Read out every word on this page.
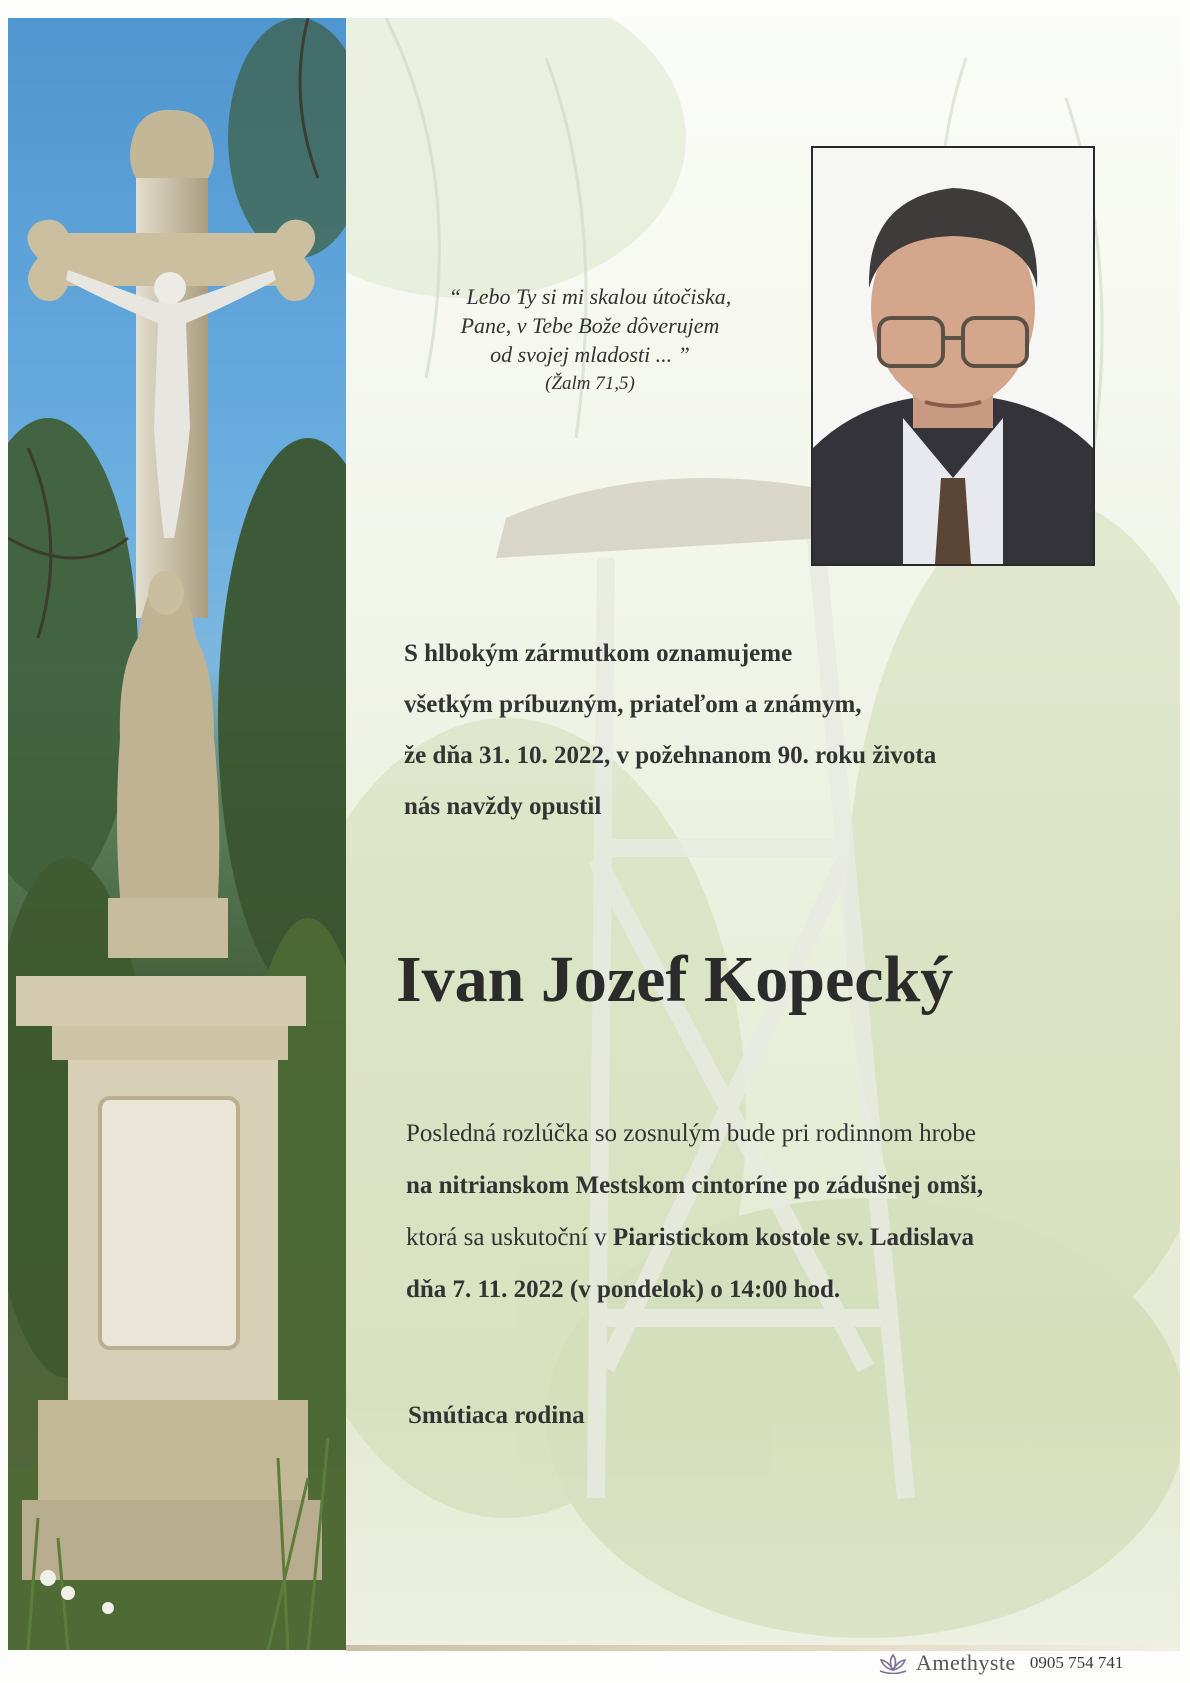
“ Lebo Ty si mi skalou útočiska,
Pane, v Tebe Bože dôverujem
od svojej mladosti ... ”
(Žalm 71,5)
S hlbokým zármutkom oznamujeme
všetkým príbuzným, priateľom a známym,
že dňa 31. 10. 2022, v požehnanom 90. roku života
nás navždy opustil
Ivan Jozef Kopecký
Posledná rozlúčka so zosnulým bude pri rodinnom hrobe
na nitrianskom Mestskom cintoríne po zádušnej omši,
ktorá sa uskutoční v Piaristickom kostole sv. Ladislava
dňa 7. 11. 2022 (v pondelok) o 14:00 hod.
Smútiaca rodina
Amethyste 0905 754 741
